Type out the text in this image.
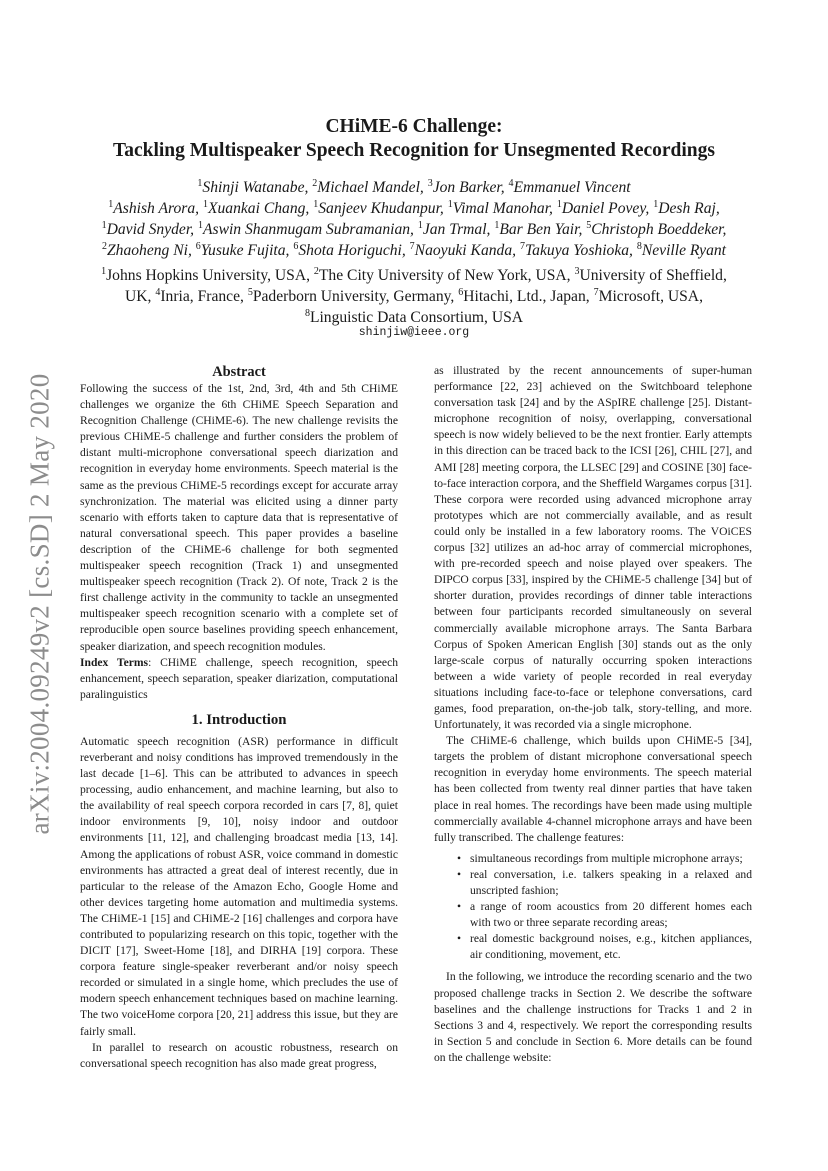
arXiv:2004.09249v2 [cs.SD] 2 May 2020
CHiME-6 Challenge:
Tackling Multispeaker Speech Recognition for Unsegmented Recordings
$^1$Shinji Watanabe, $^2$Michael Mandel, $^3$Jon Barker, $^4$Emmanuel Vincent
$^1$Ashish Arora, $^1$Xuankai Chang, $^1$Sanjeev Khudanpur, $^1$Vimal Manohar, $^1$Daniel Povey, $^1$Desh Raj,
$^1$David Snyder, $^1$Aswin Shanmugam Subramanian, $^1$Jan Trmal, $^1$Bar Ben Yair, $^5$Christoph Boeddeker,
$^2$Zhaoheng Ni, $^6$Yusuke Fujita, $^6$Shota Horiguchi, $^7$Naoyuki Kanda, $^7$Takuya Yoshioka, $^8$Neville Ryant
$^1$Johns Hopkins University, USA, $^2$The City University of New York, USA, $^3$University of Sheffield,
UK, $^4$Inria, France, $^5$Paderborn University, Germany, $^6$Hitachi, Ltd., Japan, $^7$Microsoft, USA,
$^8$Linguistic Data Consortium, USA
shinjiw@ieee.org
Abstract

Following the success of the 1st, 2nd, 3rd, 4th and 5th CHiME challenges we organize the 6th CHiME Speech Separation and Recognition Challenge (CHiME-6). The new challenge revisits the previous CHiME-5 challenge and further considers the problem of distant multi-microphone conversational speech diarization and recognition in everyday home environments. Speech material is the same as the previous CHiME-5 recordings except for accurate array synchronization. The material was elicited using a dinner party scenario with efforts taken to capture data that is representative of natural conversational speech. This paper provides a baseline description of the CHiME-6 challenge for both segmented multispeaker speech recognition (Track 1) and unsegmented multispeaker speech recognition (Track 2). Of note, Track 2 is the first challenge activity in the community to tackle an unsegmented multispeaker speech recognition scenario with a complete set of reproducible open source baselines providing speech enhancement, speaker diarization, and speech recognition modules.

Index Terms: CHiME challenge, speech recognition, speech enhancement, speech separation, speaker diarization, computational paralinguistics

1. Introduction

Automatic speech recognition (ASR) performance in difficult reverberant and noisy conditions has improved tremendously in the last decade [1–6]. This can be attributed to advances in speech processing, audio enhancement, and machine learning, but also to the availability of real speech corpora recorded in cars [7, 8], quiet indoor environments [9, 10], noisy indoor and outdoor environments [11, 12], and challenging broadcast media [13, 14]. Among the applications of robust ASR, voice command in domestic environments has attracted a great deal of interest recently, due in particular to the release of the Amazon Echo, Google Home and other devices targeting home automation and multimedia systems. The CHiME-1 [15] and CHiME-2 [16] challenges and corpora have contributed to popularizing research on this topic, together with the DICIT [17], Sweet-Home [18], and DIRHA [19] corpora. These corpora feature single-speaker reverberant and/or noisy speech recorded or simulated in a single home, which precludes the use of modern speech enhancement techniques based on machine learning. The two voiceHome corpora [20, 21] address this issue, but they are fairly small.

In parallel to research on acoustic robustness, research on conversational speech recognition has also made great progress,

as illustrated by the recent announcements of super-human performance [22, 23] achieved on the Switchboard telephone conversation task [24] and by the ASpIRE challenge [25]. Distant-microphone recognition of noisy, overlapping, conversational speech is now widely believed to be the next frontier. Early attempts in this direction can be traced back to the ICSI [26], CHIL [27], and AMI [28] meeting corpora, the LLSEC [29] and COSINE [30] face-to-face interaction corpora, and the Sheffield Wargames corpus [31]. These corpora were recorded using advanced microphone array prototypes which are not commercially available, and as result could only be installed in a few laboratory rooms. The VOiCES corpus [32] utilizes an ad-hoc array of commercial microphones, with pre-recorded speech and noise played over speakers. The DIPCO corpus [33], inspired by the CHiME-5 challenge [34] but of shorter duration, provides recordings of dinner table interactions between four participants recorded simultaneously on several commercially available microphone arrays. The Santa Barbara Corpus of Spoken American English [30] stands out as the only large-scale corpus of naturally occurring spoken interactions between a wide variety of people recorded in real everyday situations including face-to-face or telephone conversations, card games, food preparation, on-the-job talk, story-telling, and more. Unfortunately, it was recorded via a single microphone.

The CHiME-6 challenge, which builds upon CHiME-5 [34], targets the problem of distant microphone conversational speech recognition in everyday home environments. The speech material has been collected from twenty real dinner parties that have taken place in real homes. The recordings have been made using multiple commercially available 4-channel microphone arrays and have been fully transcribed. The challenge features:

• simultaneous recordings from multiple microphone arrays;
• real conversation, i.e. talkers speaking in a relaxed and unscripted fashion;
• a range of room acoustics from 20 different homes each with two or three separate recording areas;
• real domestic background noises, e.g., kitchen appliances, air conditioning, movement, etc.

In the following, we introduce the recording scenario and the two proposed challenge tracks in Section 2. We describe the software baselines and the challenge instructions for Tracks 1 and 2 in Sections 3 and 4, respectively. We report the corresponding results in Section 5 and conclude in Section 6. More details can be found on the challenge website:
